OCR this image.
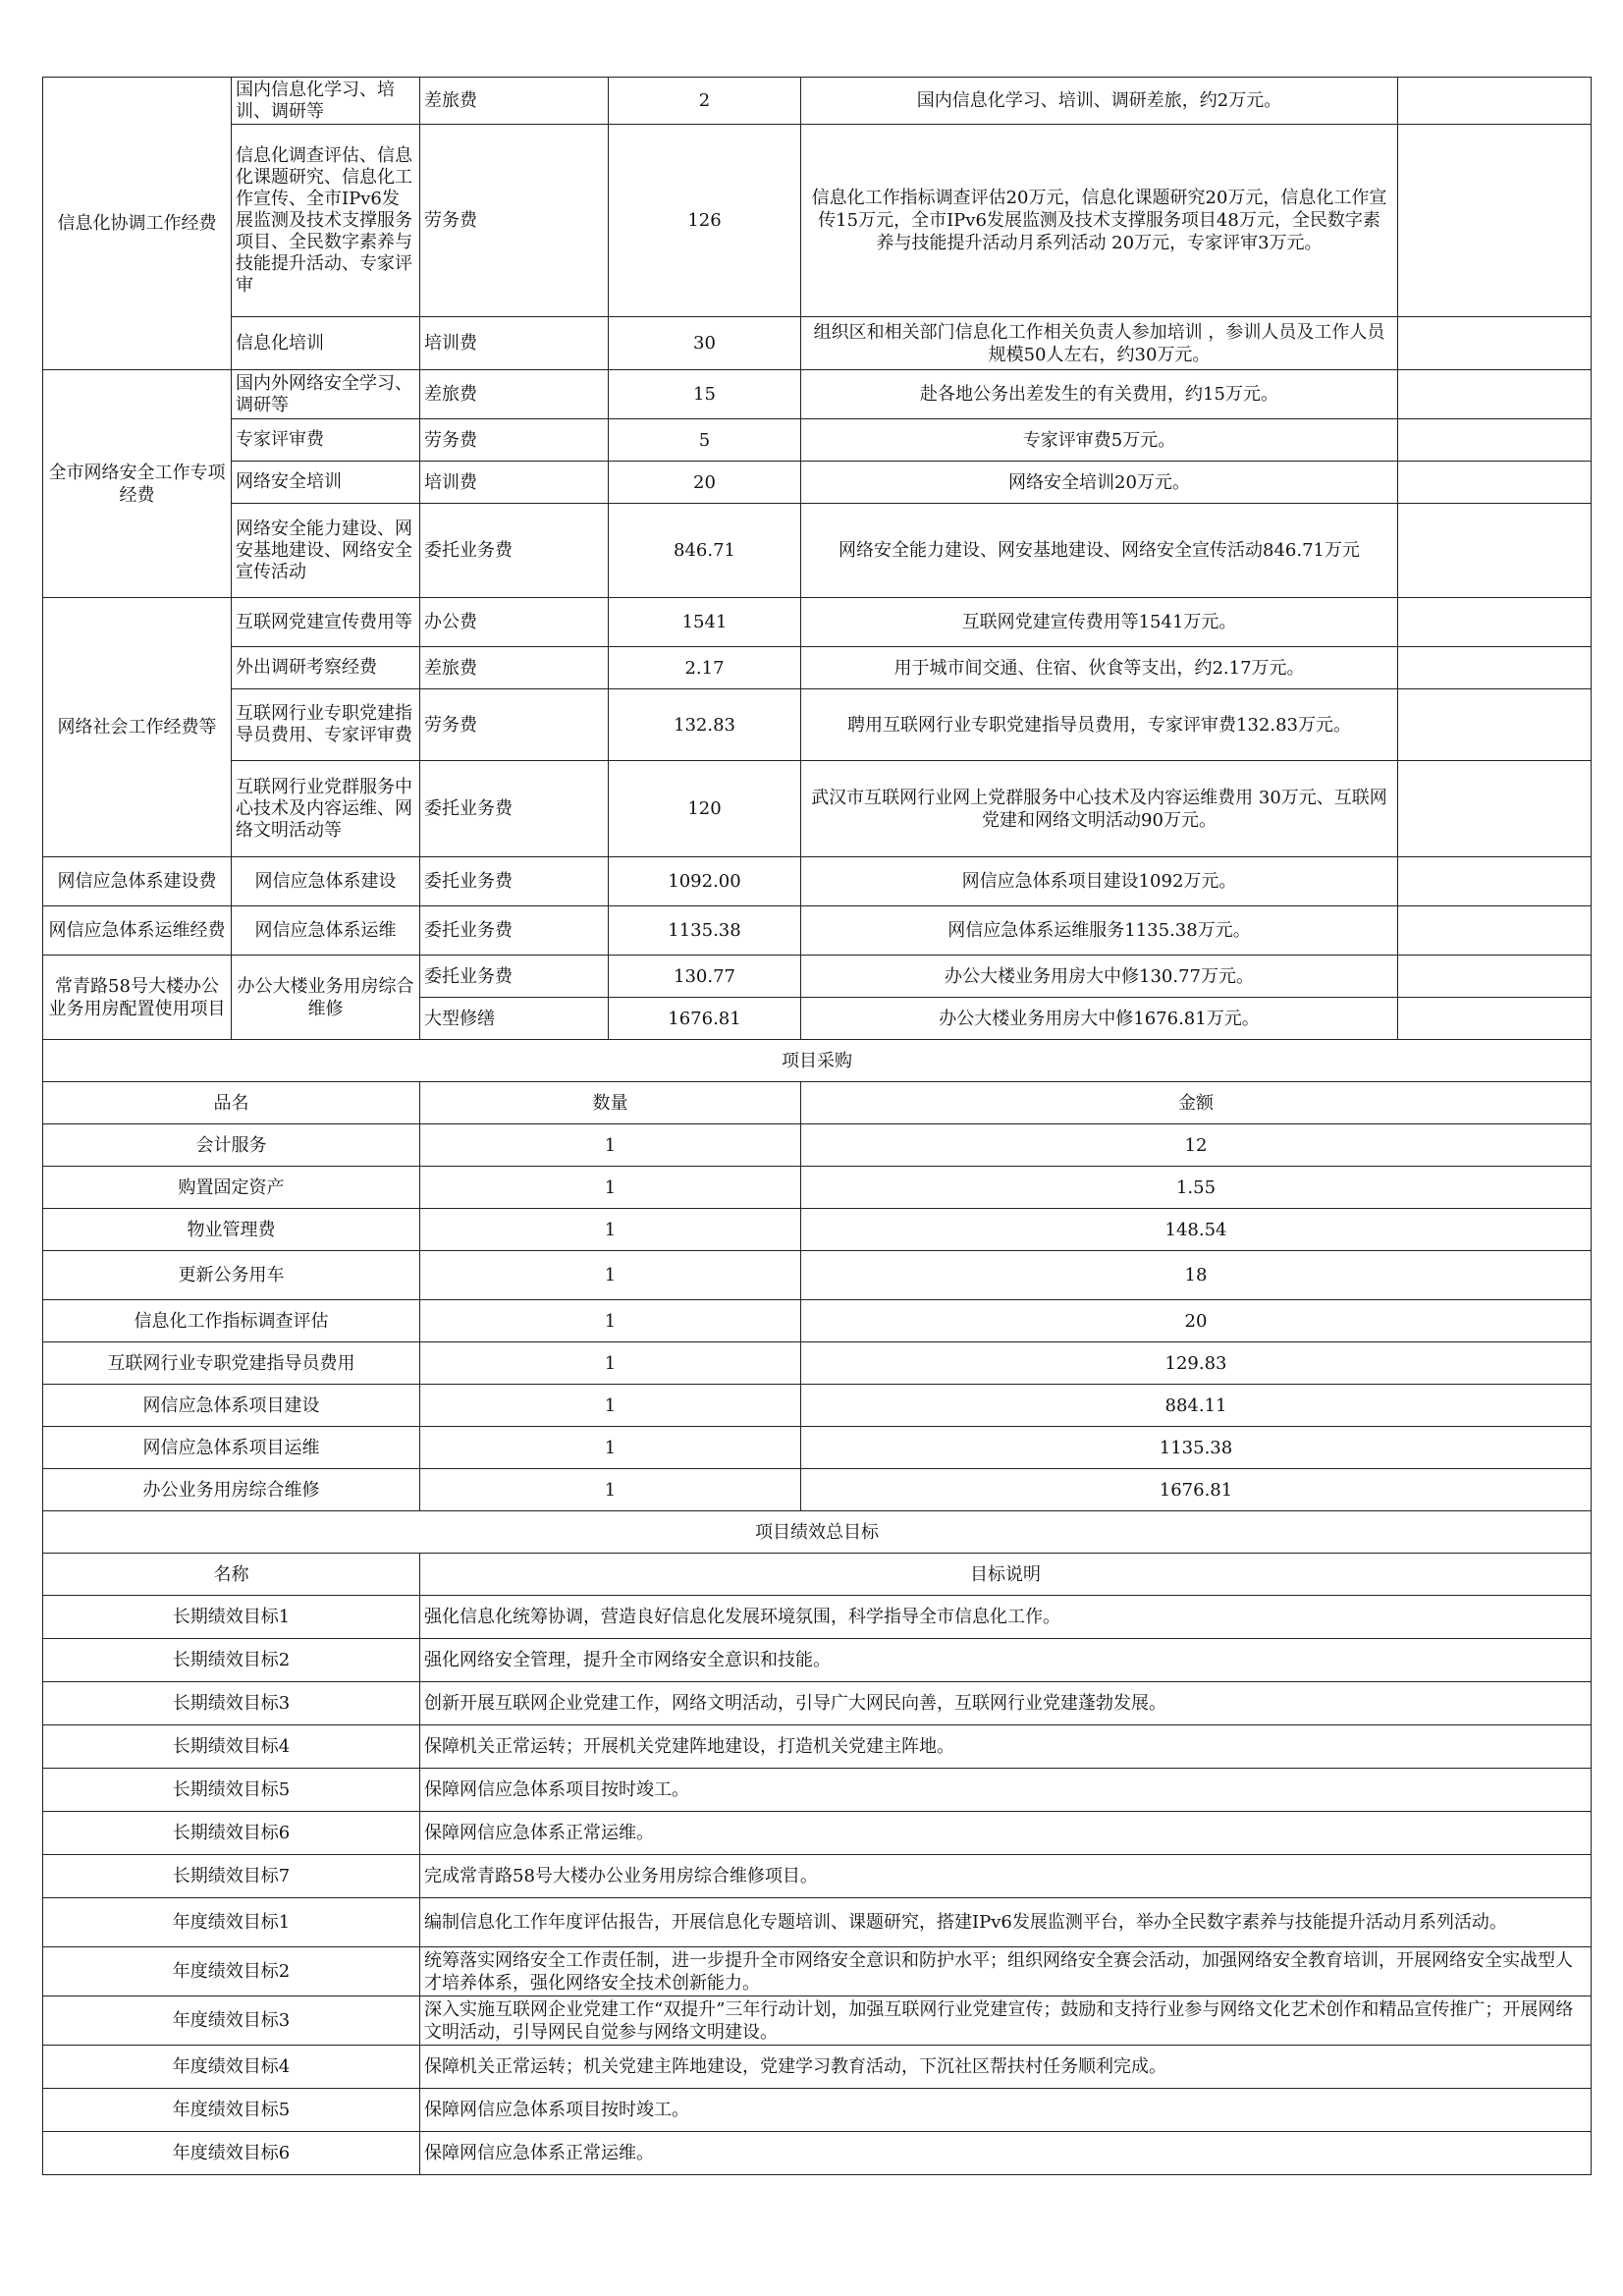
信息化协调工作经费	国内信息化学习、培训、调研等	差旅费	2	国内信息化学习、培训、调研差旅，约2万元。	
	信息化调查评估、信息化课题研究、信息化工作宣传、全市IPv6发展监测及技术支撑服务项目、全民数字素养与技能提升活动、专家评审	劳务费	126	信息化工作指标调查评估20万元，信息化课题研究20万元，信息化工作宣传15万元，全市IPv6发展监测及技术支撑服务项目48万元，全民数字素养与技能提升活动月系列活动 20万元，专家评审3万元。	
	信息化培训	培训费	30	组织区和相关部门信息化工作相关负责人参加培训 ，参训人员及工作人员规模50人左右，约30万元。	
全市网络安全工作专项经费	国内外网络安全学习、调研等	差旅费	15	赴各地公务出差发生的有关费用，约15万元。	
	专家评审费	劳务费	5	专家评审费5万元。	
	网络安全培训	培训费	20	网络安全培训20万元。	
	网络安全能力建设、网安基地建设、网络安全宣传活动	委托业务费	846.71	网络安全能力建设、网安基地建设、网络安全宣传活动846.71万元	
网络社会工作经费等	互联网党建宣传费用等	办公费	1541	互联网党建宣传费用等1541万元。	
	外出调研考察经费	差旅费	2.17	用于城市间交通、住宿、伙食等支出，约2.17万元。	
	互联网行业专职党建指导员费用、专家评审费	劳务费	132.83	聘用互联网行业专职党建指导员费用，专家评审费132.83万元。	
	互联网行业党群服务中心技术及内容运维、网络文明活动等	委托业务费	120	武汉市互联网行业网上党群服务中心技术及内容运维费用 30万元、互联网党建和网络文明活动90万元。	
网信应急体系建设费	网信应急体系建设	委托业务费	1092.00	网信应急体系项目建设1092万元。	
网信应急体系运维经费	网信应急体系运维	委托业务费	1135.38	网信应急体系运维服务1135.38万元。	
常青路58号大楼办公业务用房配置使用项目	办公大楼业务用房综合维修	委托业务费	130.77	办公大楼业务用房大中修130.77万元。	
		大型修缮	1676.81	办公大楼业务用房大中修1676.81万元。	
项目采购					
品名		数量		金额	
会计服务		1		12	
购置固定资产		1		1.55	
物业管理费		1		148.54	
更新公务用车		1		18	
信息化工作指标调查评估		1		20	
互联网行业专职党建指导员费用		1		129.83	
网信应急体系项目建设		1		884.11	
网信应急体系项目运维		1		1135.38	
办公业务用房综合维修		1		1676.81	
项目绩效总目标					
名称		目标说明			
长期绩效目标1		强化信息化统筹协调，营造良好信息化发展环境氛围，科学指导全市信息化工作。			
长期绩效目标2		强化网络安全管理，提升全市网络安全意识和技能。			
长期绩效目标3		创新开展互联网企业党建工作，网络文明活动，引导广大网民向善，互联网行业党建蓬勃发展。			
长期绩效目标4		保障机关正常运转；开展机关党建阵地建设，打造机关党建主阵地。			
长期绩效目标5		保障网信应急体系项目按时竣工。			
长期绩效目标6		保障网信应急体系正常运维。			
长期绩效目标7		完成常青路58号大楼办公业务用房综合维修项目。			
年度绩效目标1		编制信息化工作年度评估报告，开展信息化专题培训、课题研究，搭建IPv6发展监测平台，举办全民数字素养与技能提升活动月系列活动。			
年度绩效目标2		统筹落实网络安全工作责任制，进一步提升全市网络安全意识和防护水平；组织网络安全赛会活动，加强网络安全教育培训，开展网络安全实战型人才培养体系，强化网络安全技术创新能力。			
年度绩效目标3		深入实施互联网企业党建工作“双提升”三年行动计划，加强互联网行业党建宣传；鼓励和支持行业参与网络文化艺术创作和精品宣传推广；开展网络文明活动，引导网民自觉参与网络文明建设。			
年度绩效目标4		保障机关正常运转；机关党建主阵地建设，党建学习教育活动，下沉社区帮扶村任务顺利完成。			
年度绩效目标5		保障网信应急体系项目按时竣工。			
年度绩效目标6		保障网信应急体系正常运维。			
